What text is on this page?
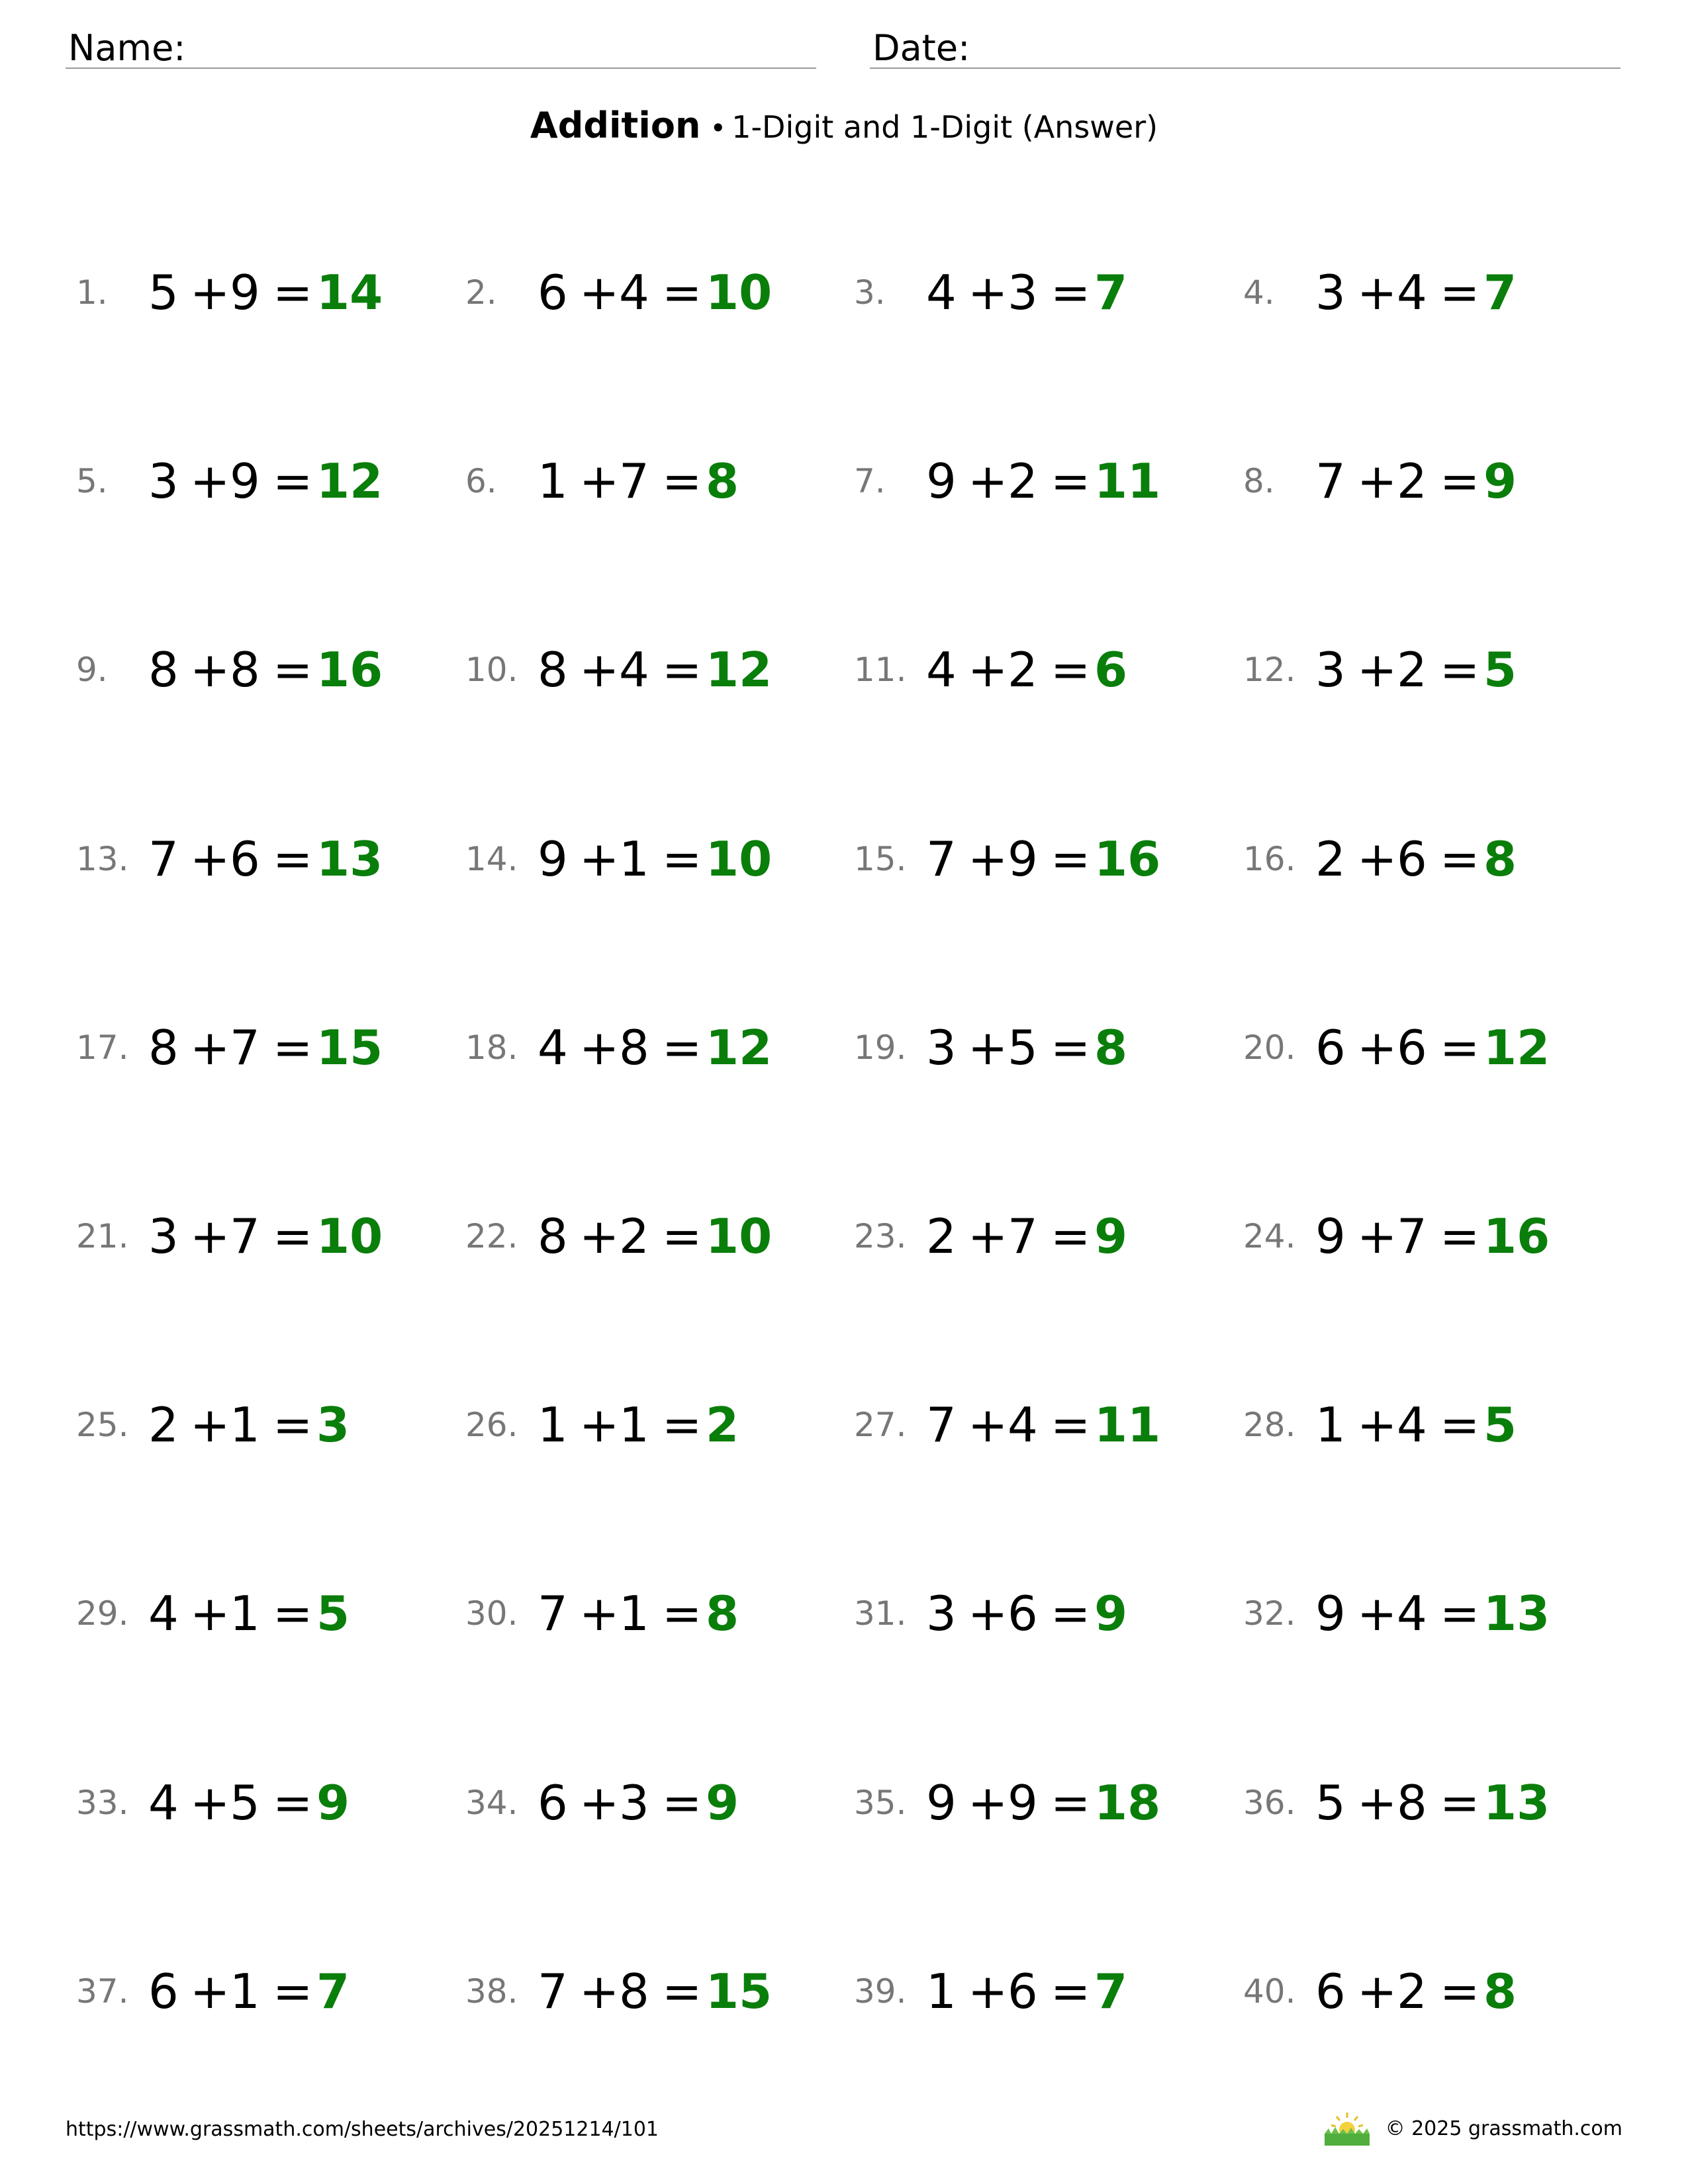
Name:	Date:
Addition • 1-Digit and 1-Digit (Answer)
1. 5 + 9 = 14 2. 6 + 4 = 10 3. 4 + 3 = 7	4. 3 + 4 = 7
5. 3 + 9 = 12 6. 1 + 7 = 8	7. 9 + 2 = 11 8. 7 + 2 = 9
9. 8 + 8 = 16 10. 8 + 4 = 12 11. 4 + 2 = 6	12. 3 + 2 = 5
13. 7 + 6 = 13 14. 9 + 1 = 10 15. 7 + 9 = 16 16. 2 + 6 = 8
17. 8 + 7 = 15 18. 4 + 8 = 12 19. 3 + 5 = 8	20. 6 + 6 = 12
21. 3 + 7 = 10 22. 8 + 2 = 10 23. 2 + 7 = 9	24. 9 + 7 = 16
25. 2 + 1 = 3	26. 1 + 1 = 2	27. 7 + 4 = 11 28. 1 + 4 = 5
29. 4 + 1 = 5	30. 7 + 1 = 8	31. 3 + 6 = 9	32. 9 + 4 = 13
33. 4 + 5 = 9	34. 6 + 3 = 9	35. 9 + 9 = 18 36. 5 + 8 = 13
37. 6 + 1 = 7	38. 7 + 8 = 15 39. 1 + 6 = 7	40. 6 + 2 = 8
https://www.grassmath.com/sheets/archives/20251214/101	© 2025 grassmath.com
